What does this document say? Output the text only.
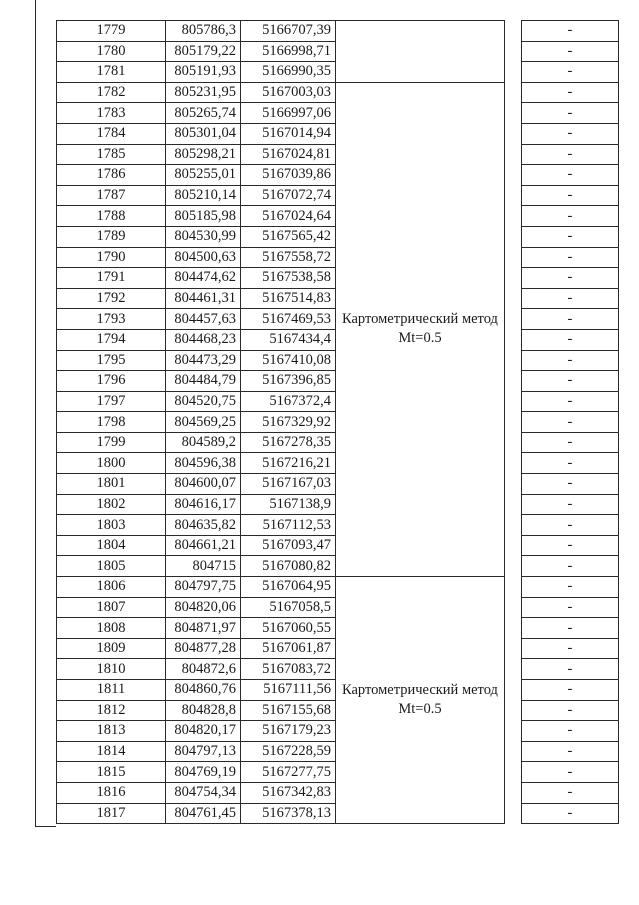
1779	805786,3	5166707,39			-
1780	805179,22	5166998,71			-
1781	805191,93	5166990,35			-
1782	805231,95	5167003,03	Картометрический метод
Mt=0.5		-
1783	805265,74	5166997,06			-
1784	805301,04	5167014,94			-
1785	805298,21	5167024,81			-
1786	805255,01	5167039,86			-
1787	805210,14	5167072,74			-
1788	805185,98	5167024,64			-
1789	804530,99	5167565,42			-
1790	804500,63	5167558,72			-
1791	804474,62	5167538,58			-
1792	804461,31	5167514,83			-
1793	804457,63	5167469,53			-
1794	804468,23	5167434,4			-
1795	804473,29	5167410,08			-
1796	804484,79	5167396,85			-
1797	804520,75	5167372,4			-
1798	804569,25	5167329,92			-
1799	804589,2	5167278,35			-
1800	804596,38	5167216,21			-
1801	804600,07	5167167,03			-
1802	804616,17	5167138,9			-
1803	804635,82	5167112,53			-
1804	804661,21	5167093,47			-
1805	804715	5167080,82			-
1806	804797,75	5167064,95	Картометрический метод
Mt=0.5		-
1807	804820,06	5167058,5			-
1808	804871,97	5167060,55			-
1809	804877,28	5167061,87			-
1810	804872,6	5167083,72			-
1811	804860,76	5167111,56			-
1812	804828,8	5167155,68			-
1813	804820,17	5167179,23			-
1814	804797,13	5167228,59			-
1815	804769,19	5167277,75			-
1816	804754,34	5167342,83			-
1817	804761,45	5167378,13			-
